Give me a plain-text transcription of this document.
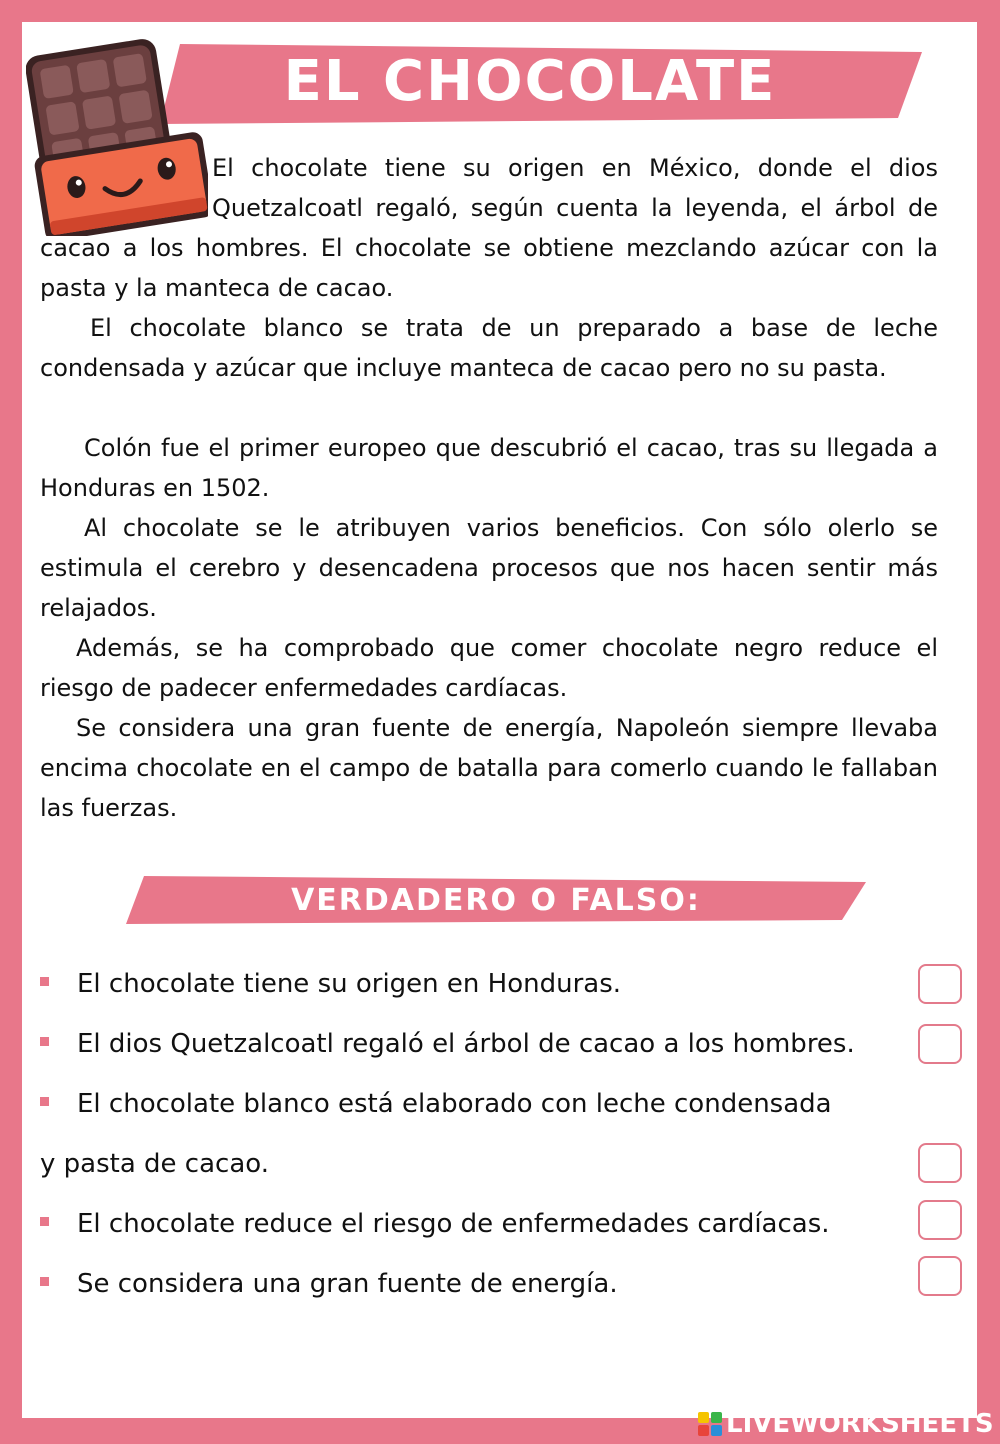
EL CHOCOLATE

El chocolate tiene su origen en México, donde el dios Quetzalcoatl regaló, según cuenta la leyenda, el árbol de cacao a los hombres. El chocolate se obtiene mezclando azúcar con la pasta y la manteca de cacao.

El chocolate blanco se trata de un preparado a base de leche condensada y azúcar que incluye manteca de cacao pero no su pasta.

Colón fue el primer europeo que descubrió el cacao, tras su llegada a Honduras en 1502.

Al chocolate se le atribuyen varios beneficios. Con sólo olerlo se estimula el cerebro y desencadena procesos que nos hacen sentir más relajados.

Además, se ha comprobado que comer chocolate negro reduce el riesgo de padecer enfermedades cardíacas.

Se considera una gran fuente de energía, Napoleón siempre llevaba encima chocolate en el campo de batalla para comerlo cuando le fallaban las fuerzas.

VERDADERO O FALSO:

El chocolate tiene su origen en Honduras.

El dios Quetzalcoatl regaló el árbol de cacao a los hombres.

El chocolate blanco está elaborado con leche condensada

y pasta de cacao.

El chocolate reduce el riesgo de enfermedades cardíacas.

Se considera una gran fuente de energía.

LIVEWORKSHEETS
